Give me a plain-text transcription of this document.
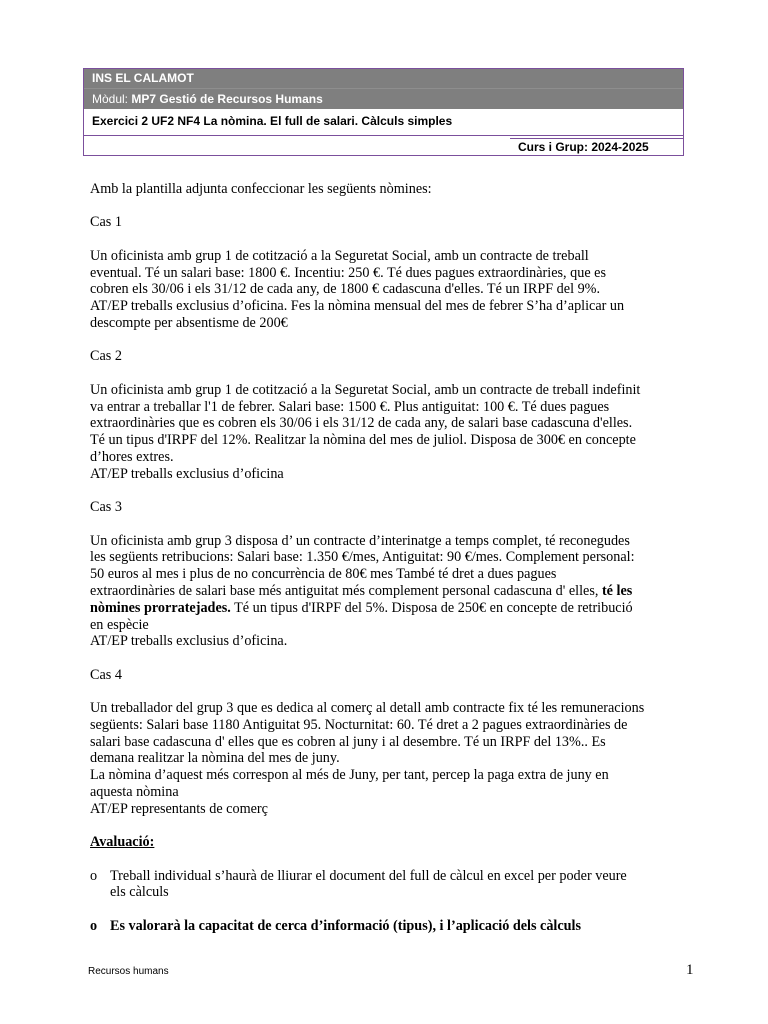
INS EL CALAMOT
Mòdul: MP7 Gestió de Recursos Humans
Exercici 2 UF2 NF4 La nòmina. El full de salari. Càlculs simples
Curs i Grup: 2024-2025

Amb la plantilla adjunta confeccionar les següents nòmines:

Cas 1

Un oficinista amb grup 1 de cotització a la Seguretat Social, amb un contracte de treball
eventual. Té un salari base: 1800 €. Incentiu: 250 €. Té dues pagues extraordinàries, que es
cobren els 30/06 i els 31/12 de cada any, de 1800 € cadascuna d'elles. Té un IRPF del 9%.
AT/EP treballs exclusius d’oficina. Fes la nòmina mensual del mes de febrer S’ha d’aplicar un
descompte per absentisme de 200€

Cas 2

Un oficinista amb grup 1 de cotització a la Seguretat Social, amb un contracte de treball indefinit
va entrar a treballar l'1 de febrer. Salari base: 1500 €. Plus antiguitat: 100 €. Té dues pagues
extraordinàries que es cobren els 30/06 i els 31/12 de cada any, de salari base cadascuna d'elles.
Té un tipus d'IRPF del 12%. Realitzar la nòmina del mes de juliol. Disposa de 300€ en concepte
d’hores extres.
AT/EP treballs exclusius d’oficina

Cas 3

Un oficinista amb grup 3 disposa d’ un contracte d’interinatge a temps complet, té reconegudes
les següents retribucions: Salari base: 1.350 €/mes, Antiguitat: 90 €/mes. Complement personal:
50 euros al mes i plus de no concurrència de 80€ mes També té dret a dues pagues
extraordinàries de salari base més antiguitat més complement personal cadascuna d' elles, té les
nòmines prorratejades. Té un tipus d'IRPF del 5%. Disposa de 250€ en concepte de retribució
en espècie
AT/EP treballs exclusius d’oficina.

Cas 4

Un treballador del grup 3 que es dedica al comerç al detall amb contracte fix té les remuneracions
següents: Salari base 1180 Antiguitat 95. Nocturnitat: 60. Té dret a 2 pagues extraordinàries de
salari base cadascuna d' elles que es cobren al juny i al desembre. Té un IRPF del 13%.. Es
demana realitzar la nòmina del mes de juny.
La nòmina d’aquest més correspon al més de Juny, per tant, percep la paga extra de juny en
aquesta nòmina
AT/EP representants de comerç

Avaluació:

o Treball individual s’haurà de lliurar el document del full de càlcul en excel per poder veure
els càlculs

o Es valorarà la capacitat de cerca d’informació (tipus), i l’aplicació dels càlculs

Recursos humans	1
